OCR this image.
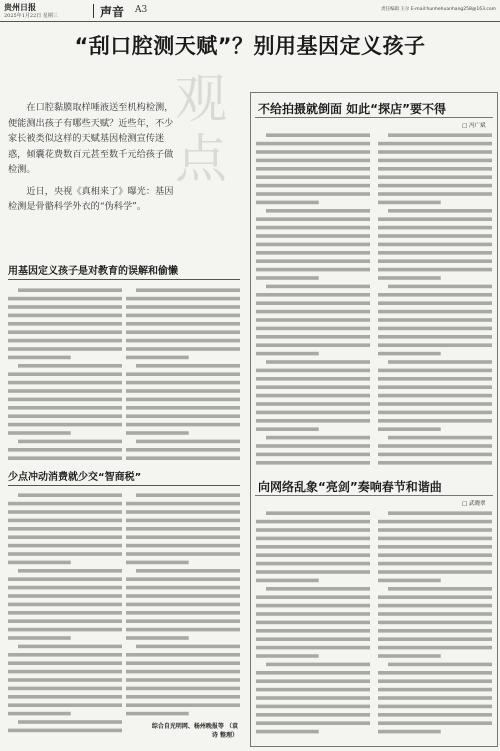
贵州日报
2025年1月22日 星期三	声音 A3	责任编辑 王尔 E-mail:hunhehuanhang258@163.com
“刮口腔测天赋”？别用基因定义孩子
观点

在口腔黏膜取样唾液送至机构检测，便能测出孩子有哪些天赋？近些年，不少家长被类似这样的天赋基因检测宣传迷惑，倾囊花费数百元甚至数千元给孩子做检测。

近日，央视《真相来了》曝光：基因检测是骨骼科学外衣的“伪科学”。

用基因定义孩子是对教育的误解和偷懒
少点冲动消费就少交“智商税”
综合自光明网、杨州晚报等 （袁诗 整理）
不给拍摄就倒面 如此“探店”要不得
□ 冯广斌
向网络乱象“亮剑”奏响春节和谐曲
□ 武晓翠
